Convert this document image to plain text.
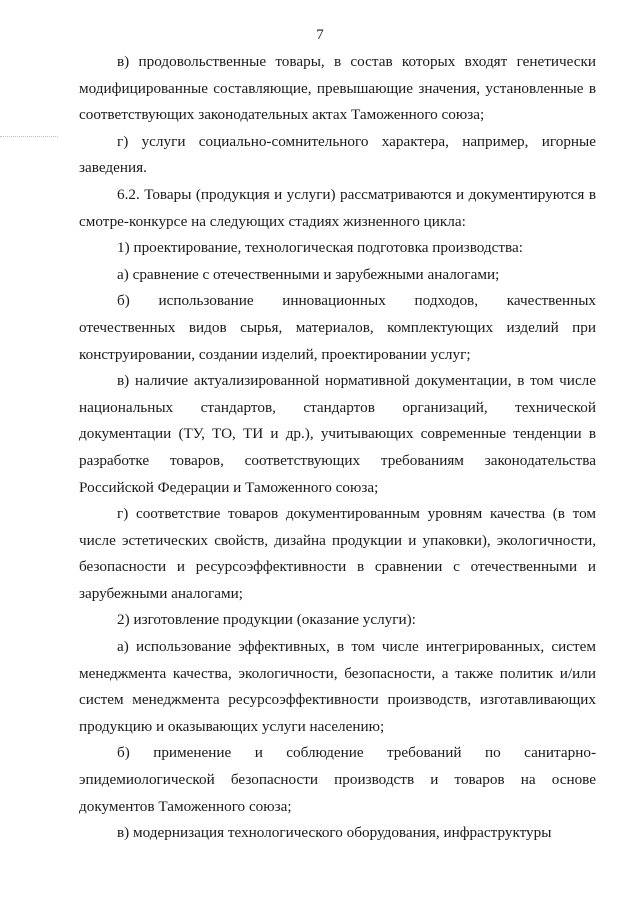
7

в) продовольственные товары, в состав которых входят генетически модифицированные составляющие, превышающие значения, установленные в соответствующих законодательных актах Таможенного союза;

г) услуги социально-сомнительного характера, например, игорные заведения.

6.2. Товары (продукция и услуги) рассматриваются и документируются в смотре-конкурсе на следующих стадиях жизненного цикла:

1) проектирование, технологическая подготовка производства:

а) сравнение с отечественными и зарубежными аналогами;

б) использование инновационных подходов, качественных отечественных видов сырья, материалов, комплектующих изделий при конструировании, создании изделий, проектировании услуг;

в) наличие актуализированной нормативной документации, в том числе национальных стандартов, стандартов организаций, технической документации (ТУ, ТО, ТИ и др.), учитывающих современные тенденции в разработке товаров, соответствующих требованиям законодательства Российской Федерации и Таможенного союза;

г) соответствие товаров документированным уровням качества (в том числе эстетических свойств, дизайна продукции и упаковки), экологичности, безопасности и ресурсоэффективности в сравнении с отечественными и зарубежными аналогами;

2) изготовление продукции (оказание услуги):

а) использование эффективных, в том числе интегрированных, систем менеджмента качества, экологичности, безопасности, а также политик и/или систем менеджмента ресурсоэффективности производств, изготавливающих продукцию и оказывающих услуги населению;

б) применение и соблюдение требований по санитарно-эпидемиологической безопасности производств и товаров на основе документов Таможенного союза;

в) модернизация технологического оборудования, инфраструктуры
